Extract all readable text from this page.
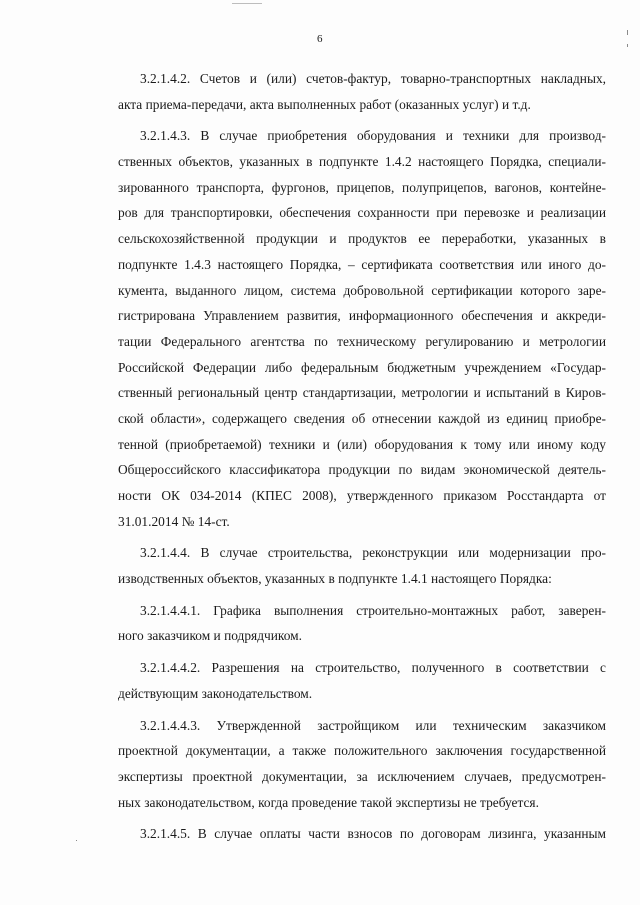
6
3.2.1.4.2. Счетов и (или) счетов-фактур, товарно-транспортных накладных,
акта приема-передачи, акта выполненных работ (оказанных услуг) и т.д.
3.2.1.4.3. В случае приобретения оборудования и техники для производ-
ственных объектов, указанных в подпункте 1.4.2 настоящего Порядка, специали-
зированного транспорта, фургонов, прицепов, полуприцепов, вагонов, контейне-
ров для транспортировки, обеспечения сохранности при перевозке и реализации
сельскохозяйственной продукции и продуктов ее переработки, указанных в
подпункте 1.4.3 настоящего Порядка, – сертификата соответствия или иного до-
кумента, выданного лицом, система добровольной сертификации которого заре-
гистрирована Управлением развития, информационного обеспечения и аккреди-
тации Федерального агентства по техническому регулированию и метрологии
Российской Федерации либо федеральным бюджетным учреждением «Государ-
ственный региональный центр стандартизации, метрологии и испытаний в Киров-
ской области», содержащего сведения об отнесении каждой из единиц приобре-
тенной (приобретаемой) техники и (или) оборудования к тому или иному коду
Общероссийского классификатора продукции по видам экономической деятель-
ности ОК 034-2014 (КПЕС 2008), утвержденного приказом Росстандарта от
31.01.2014 № 14-ст.
3.2.1.4.4. В случае строительства, реконструкции или модернизации про-
изводственных объектов, указанных в подпункте 1.4.1 настоящего Порядка:
3.2.1.4.4.1. Графика выполнения строительно-монтажных работ, заверен-
ного заказчиком и подрядчиком.
3.2.1.4.4.2. Разрешения на строительство, полученного в соответствии с
действующим законодательством.
3.2.1.4.4.3. Утвержденной застройщиком или техническим заказчиком
проектной документации, а также положительного заключения государственной
экспертизы проектной документации, за исключением случаев, предусмотрен-
ных законодательством, когда проведение такой экспертизы не требуется.
3.2.1.4.5. В случае оплаты части взносов по договорам лизинга, указанным
